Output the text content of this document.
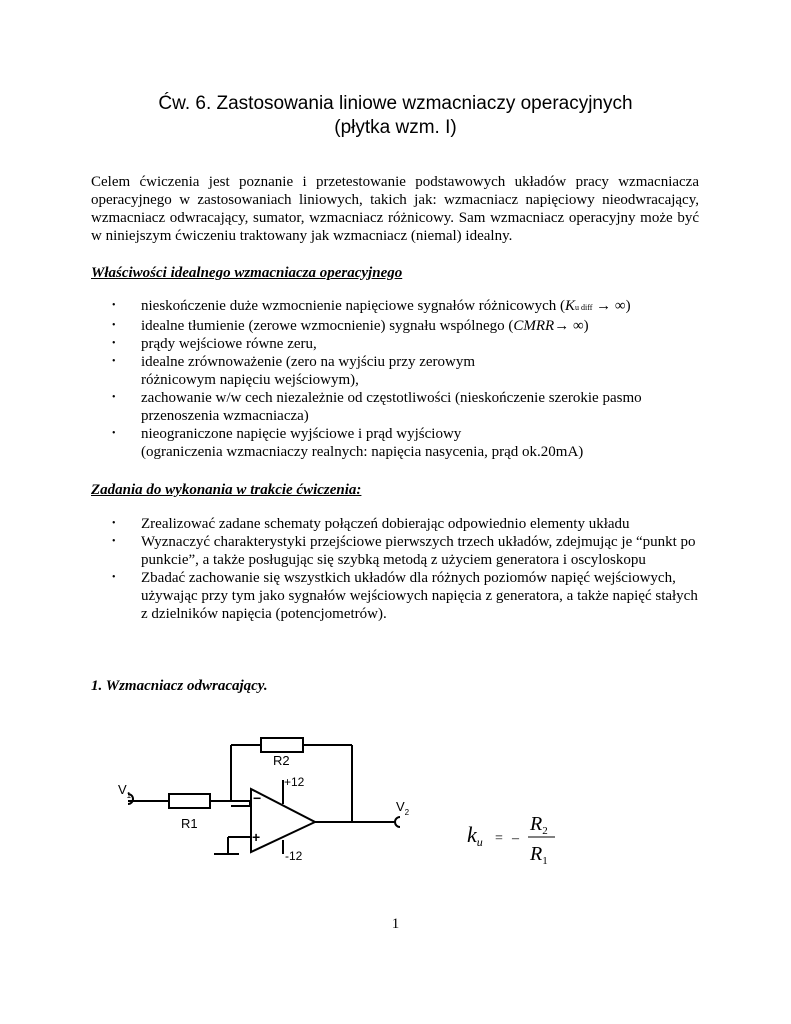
Ćw. 6. Zastosowania liniowe wzmacniaczy operacyjnych
(płytka wzm. I)
Celem ćwiczenia jest poznanie i przetestowanie podstawowych układów pracy wzmacniacza operacyjnego w zastosowaniach liniowych, takich jak: wzmacniacz napięciowy nieodwracający, wzmacniacz odwracający, sumator, wzmacniacz różnicowy. Sam wzmacniacz operacyjny może być w niniejszym ćwiczeniu traktowany jak wzmacniacz (niemal) idealny.
Właściwości idealnego wzmacniacza operacyjnego
•	nieskończenie duże wzmocnienie napięciowe sygnałów różnicowych (Ku diff → ∞)
•	idealne tłumienie (zerowe wzmocnienie) sygnału wspólnego (CMRR→ ∞)
•	prądy wejściowe równe zeru,
•	idealne zrównoważenie (zero na wyjściu przy zerowym różnicowym napięciu wejściowym),
•	zachowanie w/w cech niezależnie od częstotliwości (nieskończenie szerokie pasmo przenoszenia wzmacniacza)
•	nieograniczone napięcie wyjściowe i prąd wyjściowy
(ograniczenia wzmacniaczy realnych: napięcia nasycenia, prąd ok.20mA)
Zadania do wykonania w trakcie ćwiczenia:
•	Zrealizować zadane schematy połączeń dobierając odpowiednio elementy układu
•	Wyznaczyć charakterystyki przejściowe pierwszych trzech układów, zdejmując je “punkt po punkcie”, a także posługując się szybką metodą z użyciem generatora i oscyloskopu
•	Zbadać zachowanie się wszystkich układów dla różnych poziomów napięć wejściowych, używając przy tym jako sygnałów wejściowych napięcia z generatora, a także napięć stałych z dzielników napięcia (potencjometrów).
1. Wzmacniacz odwracający.
$V_1$
R1
R2
+12
-12
−
+
$V_2$
ku = –
$R_2$
$R_1$
1
